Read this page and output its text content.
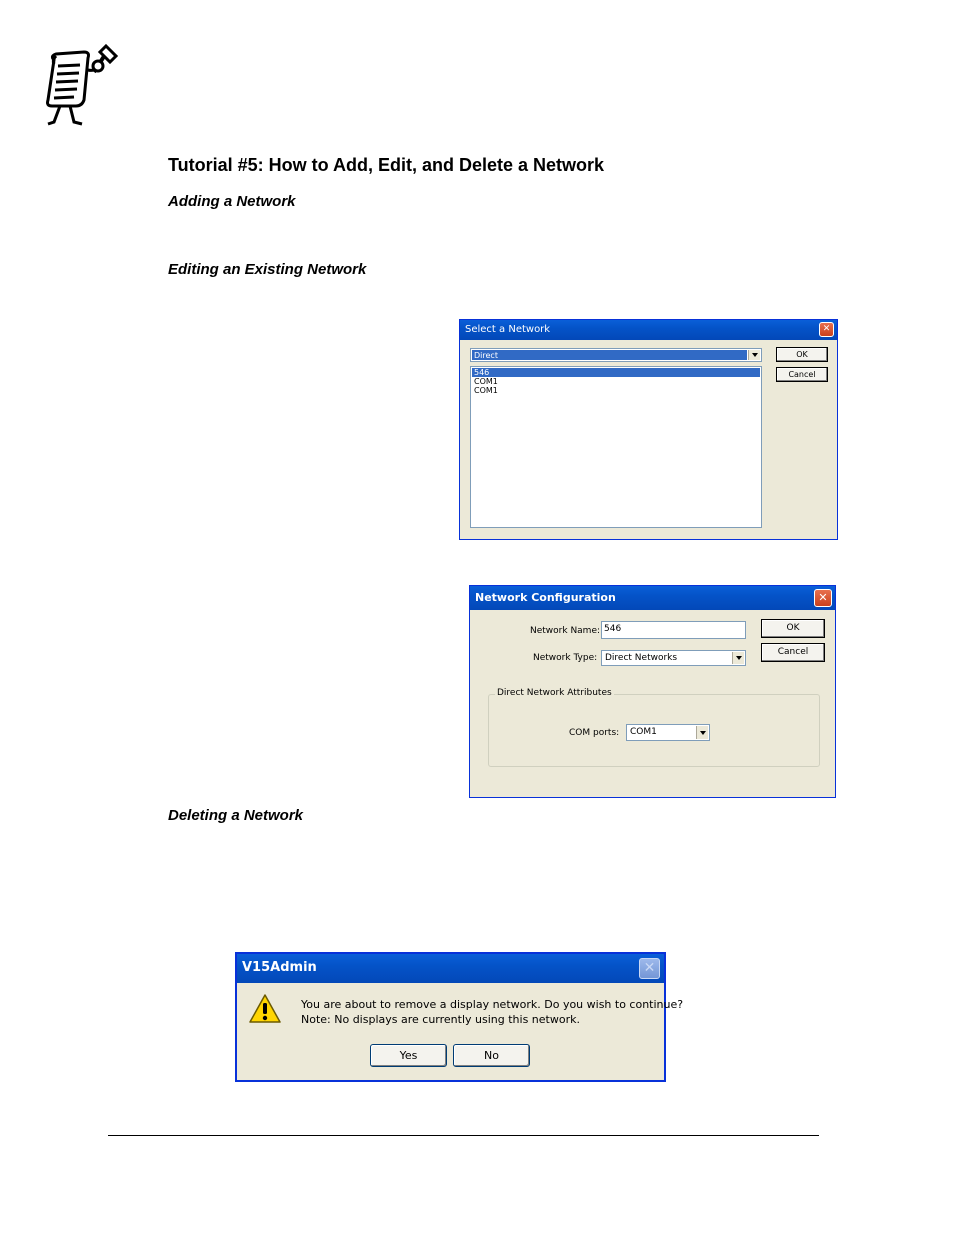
Tutorial #5: How to Add, Edit, and Delete a Network
Adding a Network
Editing an Existing Network
Select a Network	✕
Direct
546
COM1
COM1
OK
Cancel
Network Configuration	✕
Network Name: 546
Network Type: Direct Networks
OK
Cancel
Direct Network Attributes
COM ports:	COM1
Deleting a Network
V15Admin	✕
You are about to remove a display network. Do you wish to continue?
Note: No displays are currently using this network.
Yes	No
